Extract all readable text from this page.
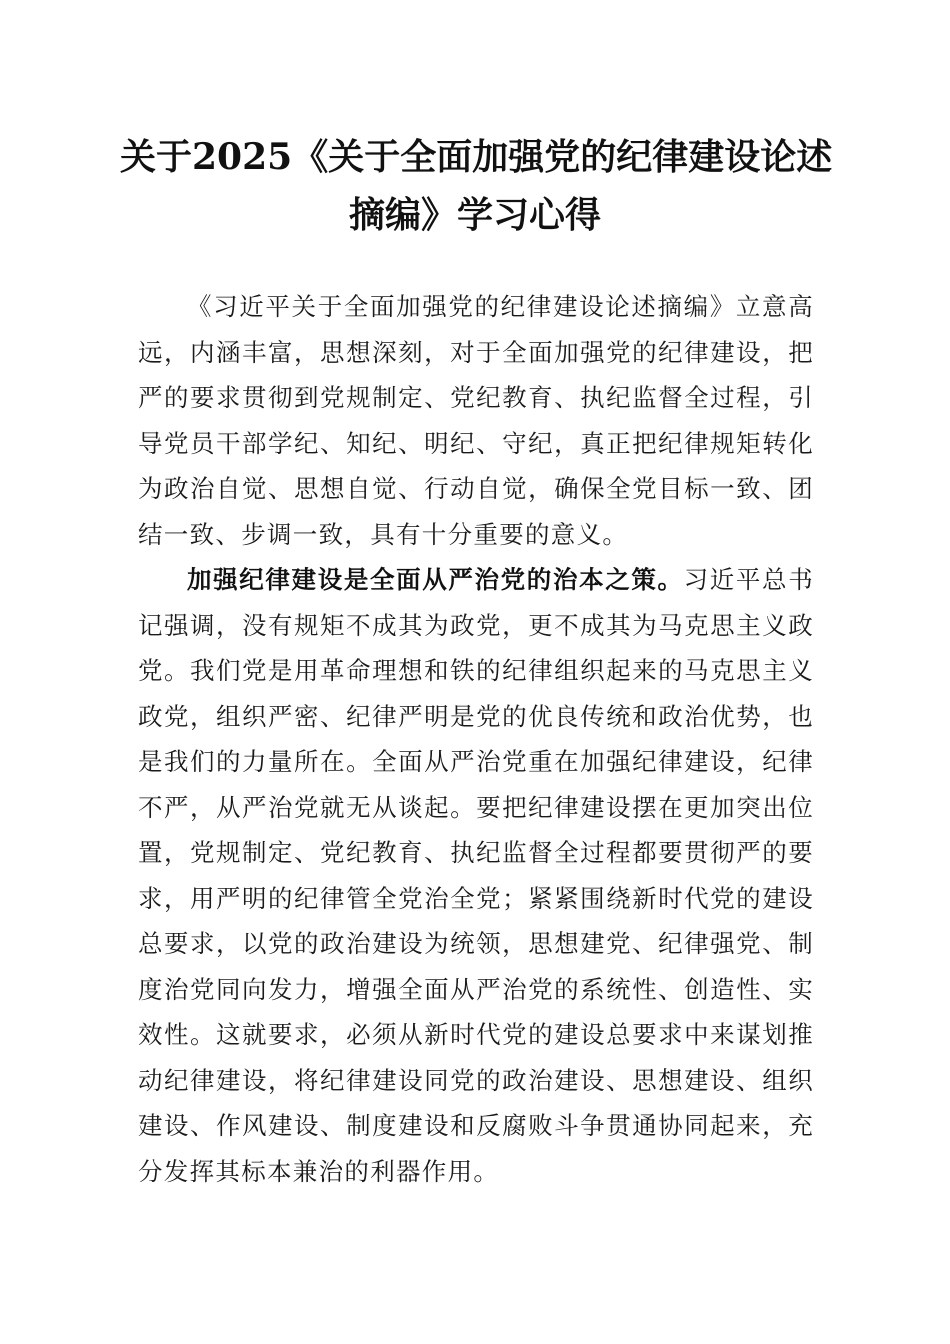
关于2025《关于全面加强党的纪律建设论述
摘编》学习心得

《习近平关于全面加强党的纪律建设论述摘编》立意高远，内涵丰富，思想深刻，对于全面加强党的纪律建设，把严的要求贯彻到党规制定、党纪教育、执纪监督全过程，引导党员干部学纪、知纪、明纪、守纪，真正把纪律规矩转化为政治自觉、思想自觉、行动自觉，确保全党目标一致、团结一致、步调一致，具有十分重要的意义。

加强纪律建设是全面从严治党的治本之策。习近平总书记强调，没有规矩不成其为政党，更不成其为马克思主义政党。我们党是用革命理想和铁的纪律组织起来的马克思主义政党，组织严密、纪律严明是党的优良传统和政治优势，也是我们的力量所在。全面从严治党重在加强纪律建设，纪律不严，从严治党就无从谈起。要把纪律建设摆在更加突出位置，党规制定、党纪教育、执纪监督全过程都要贯彻严的要求，用严明的纪律管全党治全党；紧紧围绕新时代党的建设总要求，以党的政治建设为统领，思想建党、纪律强党、制度治党同向发力，增强全面从严治党的系统性、创造性、实效性。这就要求，必须从新时代党的建设总要求中来谋划推动纪律建设，将纪律建设同党的政治建设、思想建设、组织建设、作风建设、制度建设和反腐败斗争贯通协同起来，充分发挥其标本兼治的利器作用。
